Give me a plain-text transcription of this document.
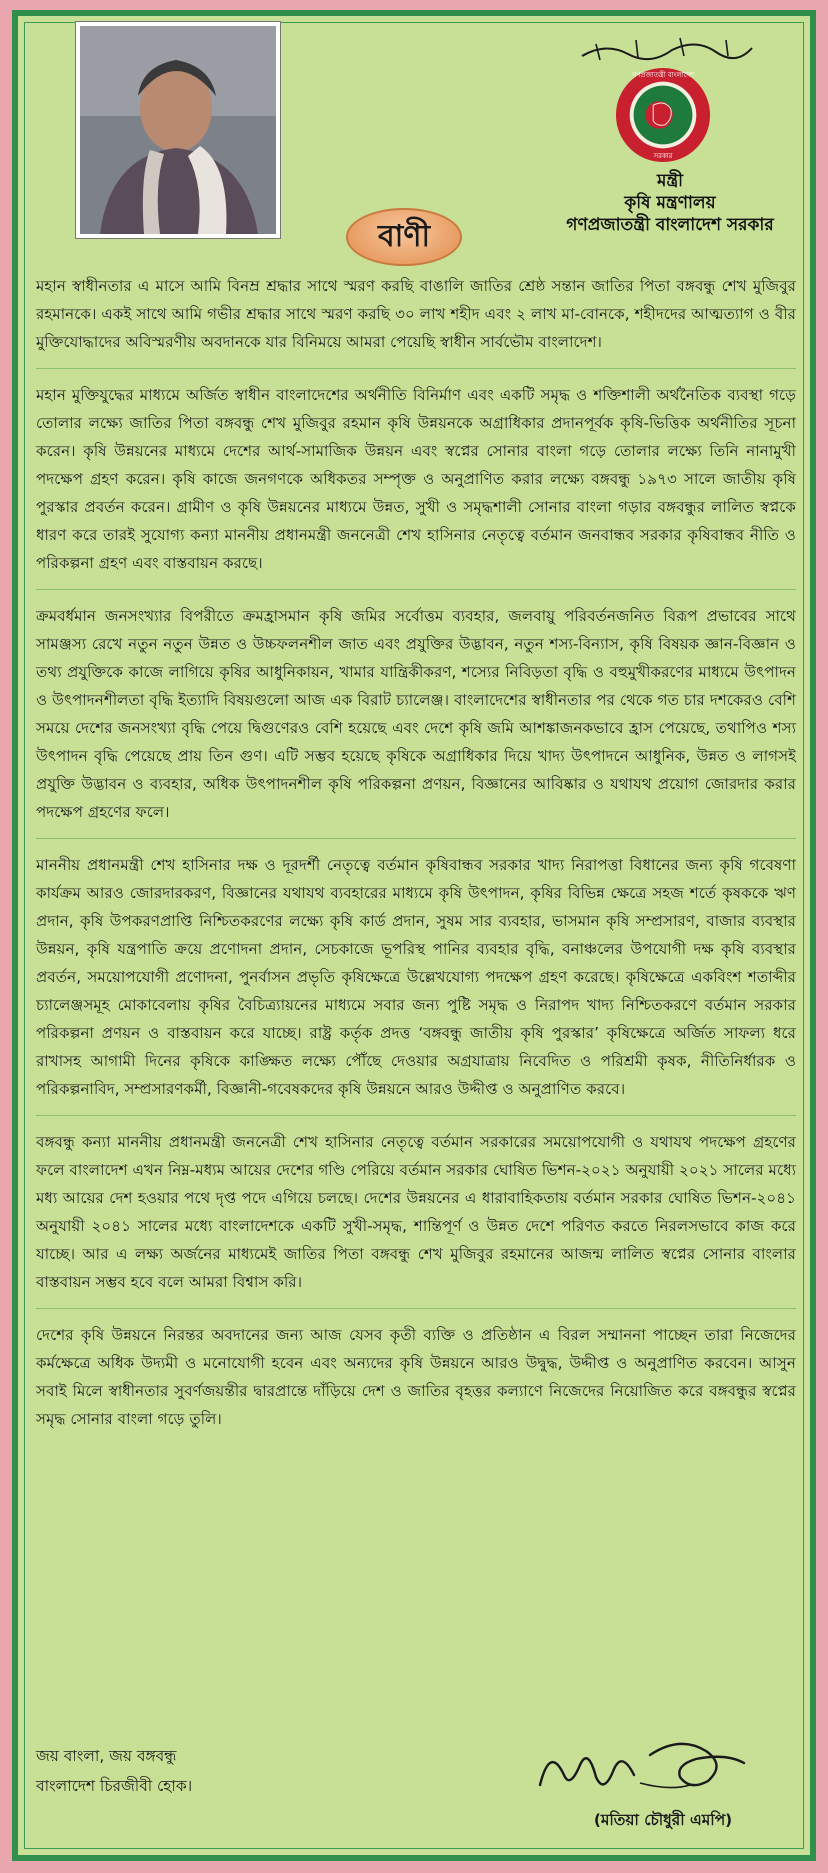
বিসমিল্লাহির রাহমানির রাহিম
গণপ্রজাতন্ত্রী বাংলাদেশ
সরকার
বাণী
মন্ত্রী
কৃষি মন্ত্রণালয়
গণপ্রজাতন্ত্রী বাংলাদেশ সরকার

মহান স্বাধীনতার এ মাসে আমি বিনম্র শ্রদ্ধার সাথে স্মরণ করছি বাঙালি জাতির শ্রেষ্ঠ সন্তান জাতির পিতা বঙ্গবন্ধু শেখ মুজিবুর রহমানকে। একই সাথে আমি গভীর শ্রদ্ধার সাথে স্মরণ করছি ৩০ লাখ শহীদ এবং ২ লাখ মা-বোনকে, শহীদদের আত্মত্যাগ ও বীর মুক্তিযোদ্ধাদের অবিস্মরণীয় অবদানকে যার বিনিময়ে আমরা পেয়েছি স্বাধীন সার্বভৌম বাংলাদেশ।

মহান মুক্তিযুদ্ধের মাধ্যমে অর্জিত স্বাধীন বাংলাদেশের অর্থনীতি বিনির্মাণ এবং একটি সমৃদ্ধ ও শক্তিশালী অর্থনৈতিক ব্যবস্থা গড়ে তোলার লক্ষ্যে জাতির পিতা বঙ্গবন্ধু শেখ মুজিবুর রহমান কৃষি উন্নয়নকে অগ্রাধিকার প্রদানপূর্বক কৃষি-ভিত্তিক অর্থনীতির সূচনা করেন। কৃষি উন্নয়নের মাধ্যমে দেশের আর্থ-সামাজিক উন্নয়ন এবং স্বপ্নের সোনার বাংলা গড়ে তোলার লক্ষ্যে তিনি নানামুখী পদক্ষেপ গ্রহণ করেন। কৃষি কাজে জনগণকে অধিকতর সম্পৃক্ত ও অনুপ্রাণিত করার লক্ষ্যে বঙ্গবন্ধু ১৯৭৩ সালে জাতীয় কৃষি পুরস্কার প্রবর্তন করেন। গ্রামীণ ও কৃষি উন্নয়নের মাধ্যমে উন্নত, সুখী ও সমৃদ্ধশালী সোনার বাংলা গড়ার বঙ্গবন্ধুর লালিত স্বপ্নকে ধারণ করে তারই সুযোগ্য কন্যা মাননীয় প্রধানমন্ত্রী জননেত্রী শেখ হাসিনার নেতৃত্বে বর্তমান জনবান্ধব সরকার কৃষিবান্ধব নীতি ও পরিকল্পনা গ্রহণ এবং বাস্তবায়ন করছে।

ক্রমবর্ধমান জনসংখ্যার বিপরীতে ক্রমহ্রাসমান কৃষি জমির সর্বোত্তম ব্যবহার, জলবায়ু পরিবর্তনজনিত বিরূপ প্রভাবের সাথে সামঞ্জস্য রেখে নতুন নতুন উন্নত ও উচ্চফলনশীল জাত এবং প্রযুক্তির উদ্ভাবন, নতুন শস্য-বিন্যাস, কৃষি বিষয়ক জ্ঞান-বিজ্ঞান ও তথ্য প্রযুক্তিকে কাজে লাগিয়ে কৃষির আধুনিকায়ন, খামার যান্ত্রিকীকরণ, শস্যের নিবিড়তা বৃদ্ধি ও বহুমুখীকরণের মাধ্যমে উৎপাদন ও উৎপাদনশীলতা বৃদ্ধি ইত্যাদি বিষয়গুলো আজ এক বিরাট চ্যালেঞ্জ। বাংলাদেশের স্বাধীনতার পর থেকে গত চার দশকেরও বেশি সময়ে দেশের জনসংখ্যা বৃদ্ধি পেয়ে দ্বিগুণেরও বেশি হয়েছে এবং দেশে কৃষি জমি আশঙ্কাজনকভাবে হ্রাস পেয়েছে, তথাপিও শস্য উৎপাদন বৃদ্ধি পেয়েছে প্রায় তিন গুণ। এটি সম্ভব হয়েছে কৃষিকে অগ্রাধিকার দিয়ে খাদ্য উৎপাদনে আধুনিক, উন্নত ও লাগসই প্রযুক্তি উদ্ভাবন ও ব্যবহার, অধিক উৎপাদনশীল কৃষি পরিকল্পনা প্রণয়ন, বিজ্ঞানের আবিষ্কার ও যথাযথ প্রয়োগ জোরদার করার পদক্ষেপ গ্রহণের ফলে।

মাননীয় প্রধানমন্ত্রী শেখ হাসিনার দক্ষ ও দূরদর্শী নেতৃত্বে বর্তমান কৃষিবান্ধব সরকার খাদ্য নিরাপত্তা বিধানের জন্য কৃষি গবেষণা কার্যক্রম আরও জোরদারকরণ, বিজ্ঞানের যথাযথ ব্যবহারের মাধ্যমে কৃষি উৎপাদন, কৃষির বিভিন্ন ক্ষেত্রে সহজ শর্তে কৃষককে ঋণ প্রদান, কৃষি উপকরণপ্রাপ্তি নিশ্চিতকরণের লক্ষ্যে কৃষি কার্ড প্রদান, সুষম সার ব্যবহার, ভাসমান কৃষি সম্প্রসারণ, বাজার ব্যবস্থার উন্নয়ন, কৃষি যন্ত্রপাতি ক্রয়ে প্রণোদনা প্রদান, সেচকাজে ভূপরিস্থ পানির ব্যবহার বৃদ্ধি, বনাঞ্চলের উপযোগী দক্ষ কৃষি ব্যবস্থার প্রবর্তন, সময়োপযোগী প্রণোদনা, পুনর্বাসন প্রভৃতি কৃষিক্ষেত্রে উল্লেখযোগ্য পদক্ষেপ গ্রহণ করেছে। কৃষিক্ষেত্রে একবিংশ শতাব্দীর চ্যালেঞ্জসমূহ মোকাবেলায় কৃষির বৈচিত্র্যায়নের মাধ্যমে সবার জন্য পুষ্টি সমৃদ্ধ ও নিরাপদ খাদ্য নিশ্চিতকরণে বর্তমান সরকার পরিকল্পনা প্রণয়ন ও বাস্তবায়ন করে যাচ্ছে। রাষ্ট্র কর্তৃক প্রদত্ত ‘বঙ্গবন্ধু জাতীয় কৃষি পুরস্কার’ কৃষিক্ষেত্রে অর্জিত সাফল্য ধরে রাখাসহ আগামী দিনের কৃষিকে কাঙ্ক্ষিত লক্ষ্যে পৌঁছে দেওয়ার অগ্রযাত্রায় নিবেদিত ও পরিশ্রমী কৃষক, নীতিনির্ধারক ও পরিকল্পনাবিদ, সম্প্রসারণকর্মী, বিজ্ঞানী-গবেষকদের কৃষি উন্নয়নে আরও উদ্দীপ্ত ও অনুপ্রাণিত করবে।

বঙ্গবন্ধু কন্যা মাননীয় প্রধানমন্ত্রী জননেত্রী শেখ হাসিনার নেতৃত্বে বর্তমান সরকারের সময়োপযোগী ও যথাযথ পদক্ষেপ গ্রহণের ফলে বাংলাদেশ এখন নিম্ন-মধ্যম আয়ের দেশের গণ্ডি পেরিয়ে বর্তমান সরকার ঘোষিত ভিশন-২০২১ অনুযায়ী ২০২১ সালের মধ্যে মধ্য আয়ের দেশ হওয়ার পথে দৃপ্ত পদে এগিয়ে চলছে। দেশের উন্নয়নের এ ধারাবাহিকতায় বর্তমান সরকার ঘোষিত ভিশন-২০৪১ অনুযায়ী ২০৪১ সালের মধ্যে বাংলাদেশকে একটি সুখী-সমৃদ্ধ, শান্তিপূর্ণ ও উন্নত দেশে পরিণত করতে নিরলসভাবে কাজ করে যাচ্ছে। আর এ লক্ষ্য অর্জনের মাধ্যমেই জাতির পিতা বঙ্গবন্ধু শেখ মুজিবুর রহমানের আজন্ম লালিত স্বপ্নের সোনার বাংলার বাস্তবায়ন সম্ভব হবে বলে আমরা বিশ্বাস করি।

দেশের কৃষি উন্নয়নে নিরন্তর অবদানের জন্য আজ যেসব কৃতী ব্যক্তি ও প্রতিষ্ঠান এ বিরল সম্মাননা পাচ্ছেন তারা নিজেদের কর্মক্ষেত্রে অধিক উদ্যমী ও মনোযোগী হবেন এবং অন্যদের কৃষি উন্নয়নে আরও উদ্বুদ্ধ, উদ্দীপ্ত ও অনুপ্রাণিত করবেন। আসুন সবাই মিলে স্বাধীনতার সুবর্ণজয়ন্তীর দ্বারপ্রান্তে দাঁড়িয়ে দেশ ও জাতির বৃহত্তর কল্যাণে নিজেদের নিয়োজিত করে বঙ্গবন্ধুর স্বপ্নের সমৃদ্ধ সোনার বাংলা গড়ে তুলি।

জয় বাংলা, জয় বঙ্গবন্ধু
বাংলাদেশ চিরজীবী হোক।
মতিয়া চৌধুরী
(মতিয়া চৌধুরী এমপি)
